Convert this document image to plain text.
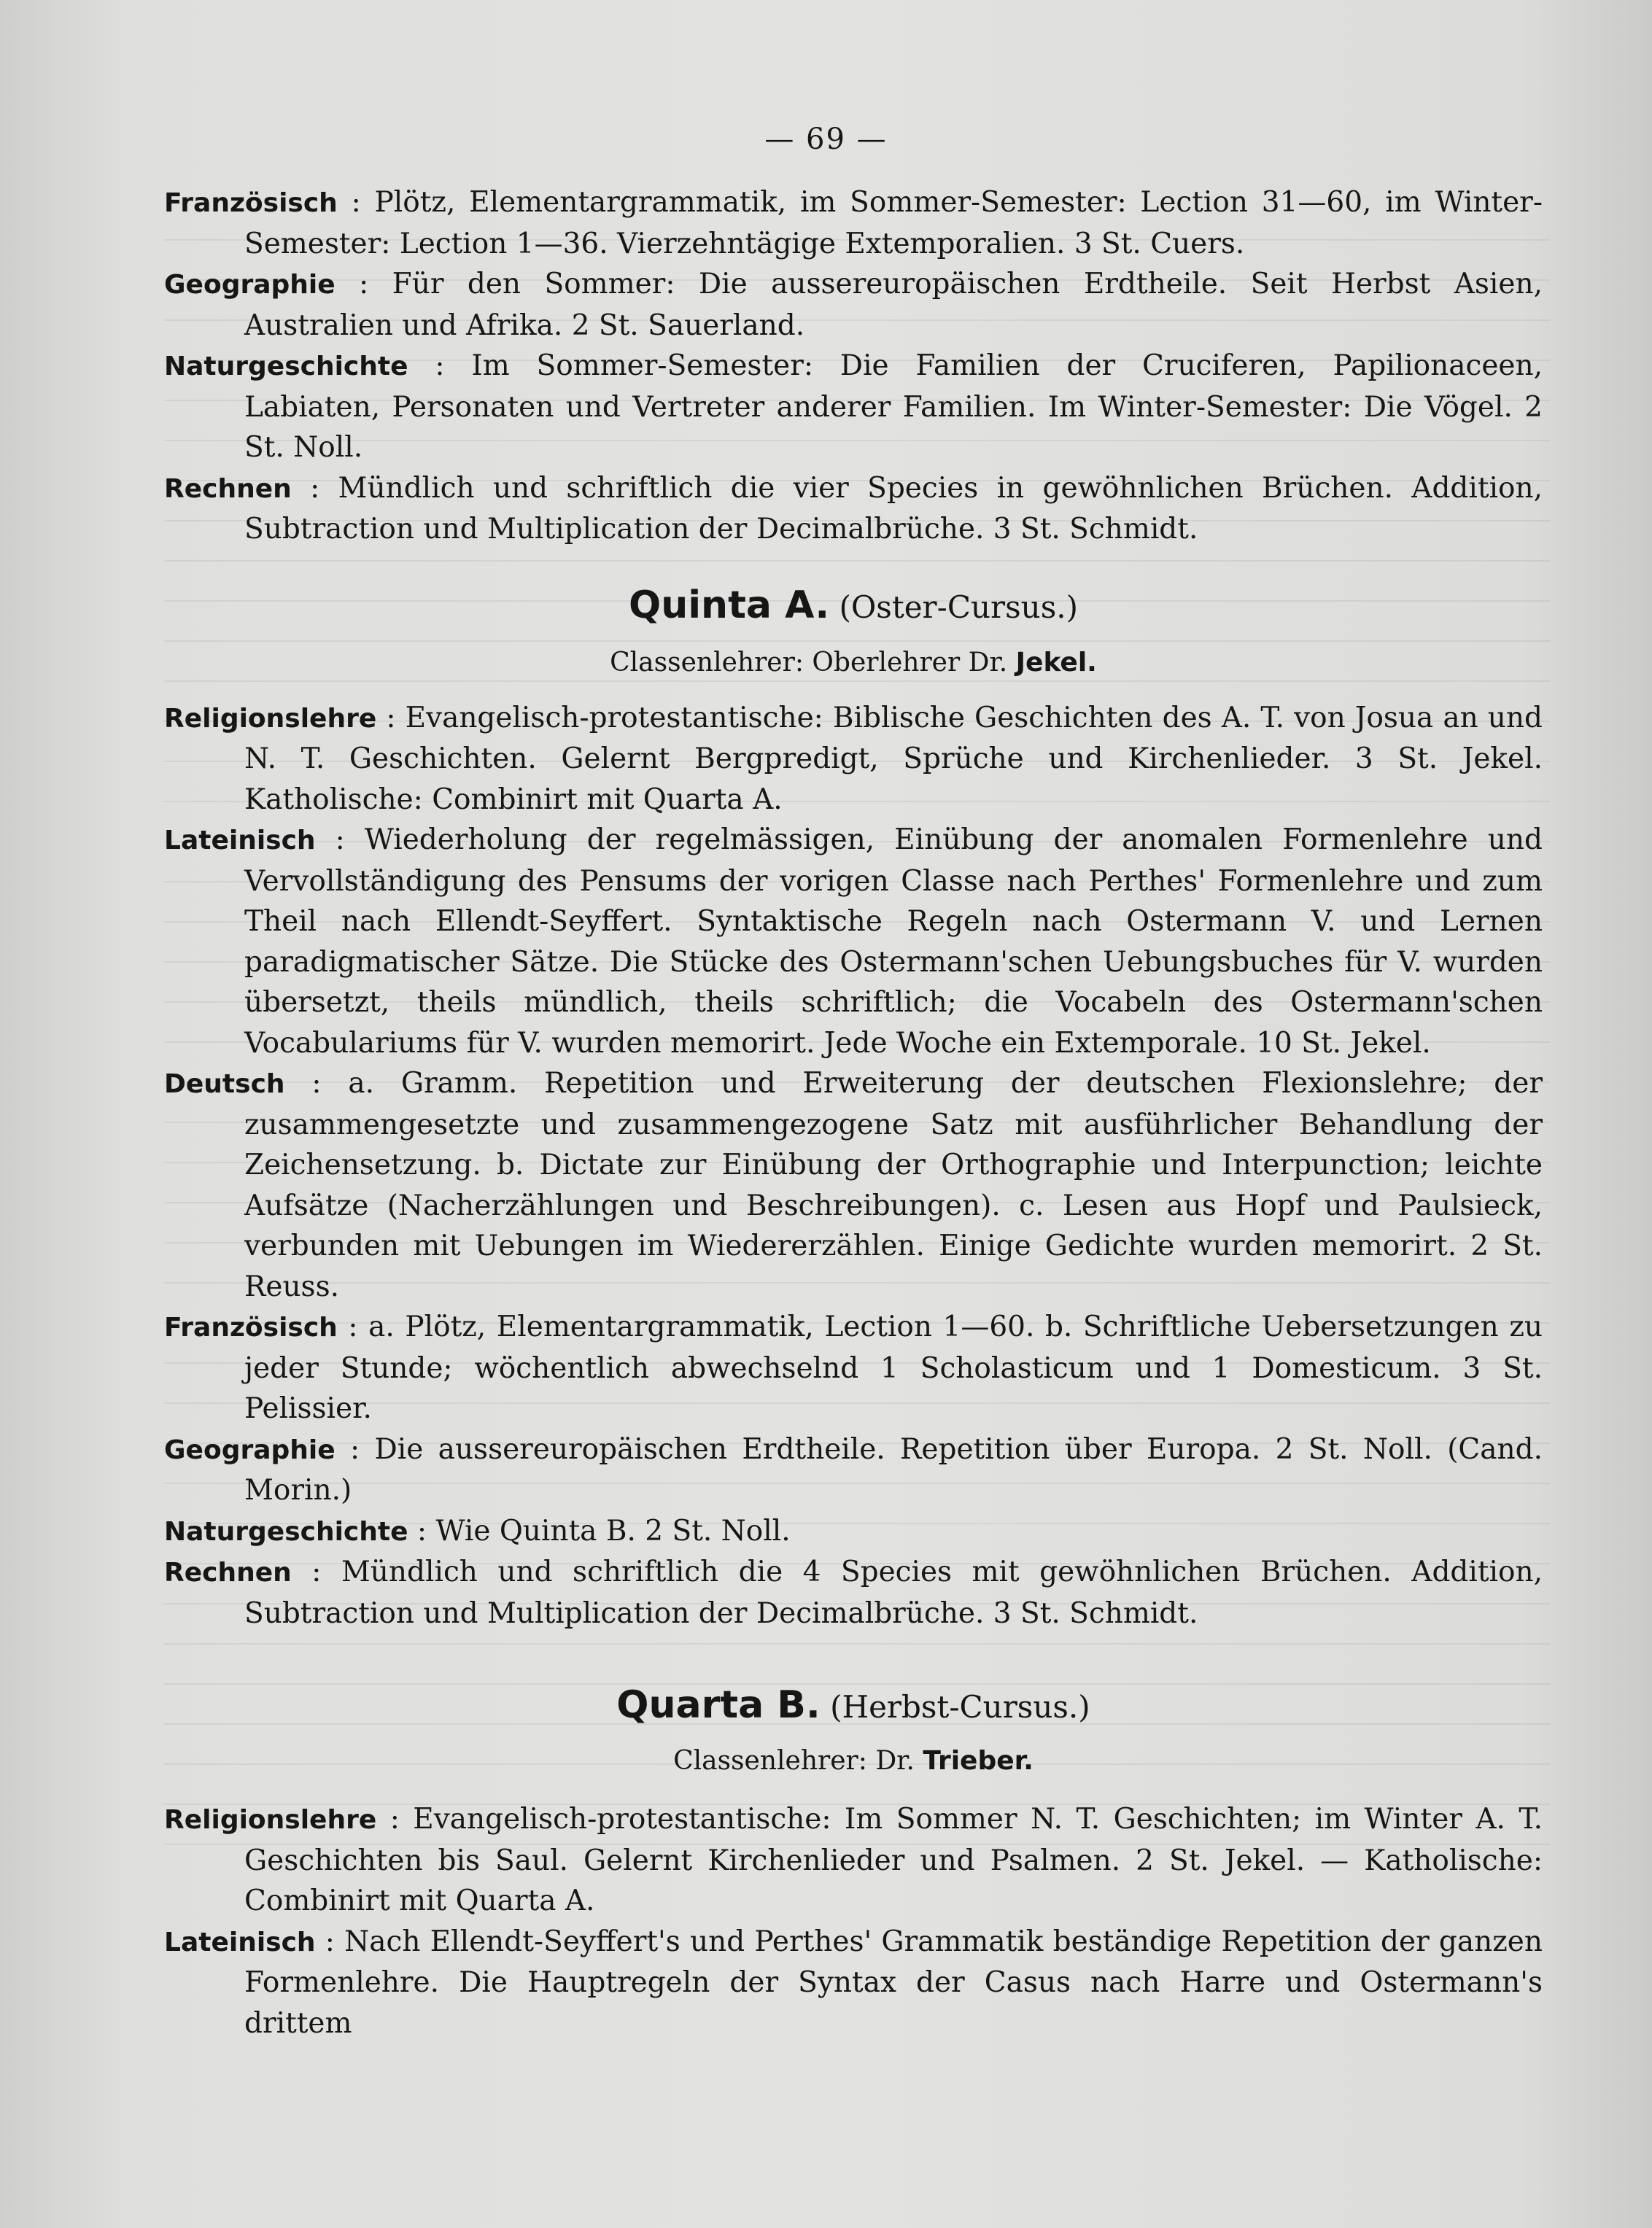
— 69 —

Französisch : Plötz, Elementargrammatik, im Sommer-Semester: Lection 31—60, im Winter-Semester: Lection 1—36. Vierzehntägige Extemporalien. 3 St. Cuers.

Geographie : Für den Sommer: Die aussereuropäischen Erdtheile. Seit Herbst Asien, Australien und Afrika. 2 St. Sauerland.

Naturgeschichte : Im Sommer-Semester: Die Familien der Cruciferen, Papilionaceen, Labiaten, Personaten und Vertreter anderer Familien. Im Winter-Semester: Die Vögel. 2 St. Noll.

Rechnen : Mündlich und schriftlich die vier Species in gewöhnlichen Brüchen. Addition, Subtraction und Multiplication der Decimalbrüche. 3 St. Schmidt.

Quinta A. (Oster-Cursus.)

Classenlehrer: Oberlehrer Dr. Jekel.

Religionslehre : Evangelisch-protestantische: Biblische Geschichten des A. T. von Josua an und N. T. Geschichten. Gelernt Bergpredigt, Sprüche und Kirchenlieder. 3 St. Jekel. Katholische: Combinirt mit Quarta A.

Lateinisch : Wiederholung der regelmässigen, Einübung der anomalen Formenlehre und Vervollständigung des Pensums der vorigen Classe nach Perthes' Formenlehre und zum Theil nach Ellendt-Seyffert. Syntaktische Regeln nach Ostermann V. und Lernen paradigmatischer Sätze. Die Stücke des Ostermann'schen Uebungsbuches für V. wurden übersetzt, theils mündlich, theils schriftlich; die Vocabeln des Ostermann'schen Vocabulariums für V. wurden memorirt. Jede Woche ein Extemporale. 10 St. Jekel.

Deutsch : a. Gramm. Repetition und Erweiterung der deutschen Flexionslehre; der zusammengesetzte und zusammengezogene Satz mit ausführlicher Behandlung der Zeichensetzung. b. Dictate zur Einübung der Orthographie und Interpunction; leichte Aufsätze (Nacherzählungen und Beschreibungen). c. Lesen aus Hopf und Paulsieck, verbunden mit Uebungen im Wiedererzählen. Einige Gedichte wurden memorirt. 2 St. Reuss.

Französisch : a. Plötz, Elementargrammatik, Lection 1—60. b. Schriftliche Uebersetzungen zu jeder Stunde; wöchentlich abwechselnd 1 Scholasticum und 1 Domesticum. 3 St. Pelissier.

Geographie : Die aussereuropäischen Erdtheile. Repetition über Europa. 2 St. Noll. (Cand. Morin.)

Naturgeschichte : Wie Quinta B. 2 St. Noll.

Rechnen : Mündlich und schriftlich die 4 Species mit gewöhnlichen Brüchen. Addition, Subtraction und Multiplication der Decimalbrüche. 3 St. Schmidt.

Quarta B. (Herbst-Cursus.)

Classenlehrer: Dr. Trieber.

Religionslehre : Evangelisch-protestantische: Im Sommer N. T. Geschichten; im Winter A. T. Geschichten bis Saul. Gelernt Kirchenlieder und Psalmen. 2 St. Jekel. — Katholische: Combinirt mit Quarta A.

Lateinisch : Nach Ellendt-Seyffert's und Perthes' Grammatik beständige Repetition der ganzen Formenlehre. Die Hauptregeln der Syntax der Casus nach Harre und Ostermann's drittem
